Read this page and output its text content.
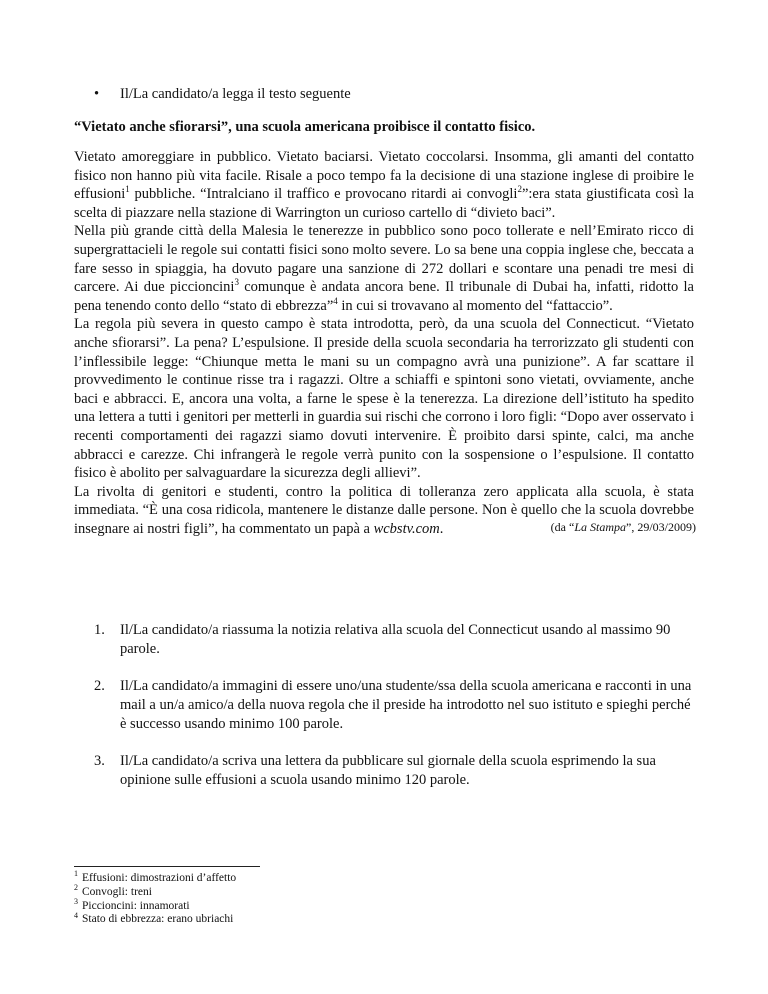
• Il/La candidato/a legga il testo seguente
“Vietato anche sfiorarsi”, una scuola americana proibisce il contatto fisico.

Vietato amoreggiare in pubblico. Vietato baciarsi. Vietato coccolarsi. Insomma, gli amanti del contatto fisico non hanno più vita facile. Risale a poco tempo fa la decisione di una stazione inglese di proibire le effusioni$^1$ pubbliche. “Intralciano il traffico e provocano ritardi ai convogli$^2$”:era stata giustificata così la scelta di piazzare nella stazione di Warrington un curioso cartello di “divieto baci”.

Nella più grande città della Malesia le tenerezze in pubblico sono poco tollerate e nell’Emirato ricco di supergrattacieli le regole sui contatti fisici sono molto severe. Lo sa bene una coppia inglese che, beccata a fare sesso in spiaggia, ha dovuto pagare una sanzione di 272 dollari e scontare una penadi tre mesi di carcere. Ai due piccioncini$^3$ comunque è andata ancora bene. Il tribunale di Dubai ha, infatti, ridotto la pena tenendo conto dello “stato di ebbrezza”$^4$ in cui si trovavano al momento del “fattaccio”.

La regola più severa in questo campo è stata introdotta, però, da una scuola del Connecticut. “Vietato anche sfiorarsi”. La pena? L’espulsione. Il preside della scuola secondaria ha terrorizzato gli studenti con l’inflessibile legge: “Chiunque metta le mani su un compagno avrà una punizione”. A far scattare il provvedimento le continue risse tra i ragazzi. Oltre a schiaffi e spintoni sono vietati, ovviamente, anche baci e abbracci. E, ancora una volta, a farne le spese è la tenerezza. La direzione dell’istituto ha spedito una lettera a tutti i genitori per metterli in guardia sui rischi che corrono i loro figli: “Dopo aver osservato i recenti comportamenti dei ragazzi siamo dovuti intervenire. È proibito darsi spinte, calci, ma anche abbracci e carezze. Chi infrangerà le regole verrà punito con la sospensione o l’espulsione. Il contatto fisico è abolito per salvaguardare la sicurezza degli allievi”.

La rivolta di genitori e studenti, contro la politica di tolleranza zero applicata alla scuola, è stata immediata. “È una cosa ridicola, mantenere le distanze dalle persone. Non è quello che la scuola dovrebbe insegnare ai nostri figli”, ha commentato un papà a wcbstv.com.	(da “La Stampa”, 29/03/2009)
1. Il/La candidato/a riassuma la notizia relativa alla scuola del Connecticut usando al massimo 90 parole.
2. Il/La candidato/a immagini di essere uno/una studente/ssa della scuola americana e racconti in una mail a un/a amico/a della nuova regola che il preside ha introdotto nel suo istituto e spieghi perché è successo usando minimo 100 parole.
3. Il/La candidato/a scriva una lettera da pubblicare sul giornale della scuola esprimendo la sua opinione sulle effusioni a scuola usando minimo 120 parole.
$^1$ Effusioni: dimostrazioni d’affetto
$^2$ Convogli: treni
$^3$ Piccioncini: innamorati
$^4$ Stato di ebbrezza: erano ubriachi
